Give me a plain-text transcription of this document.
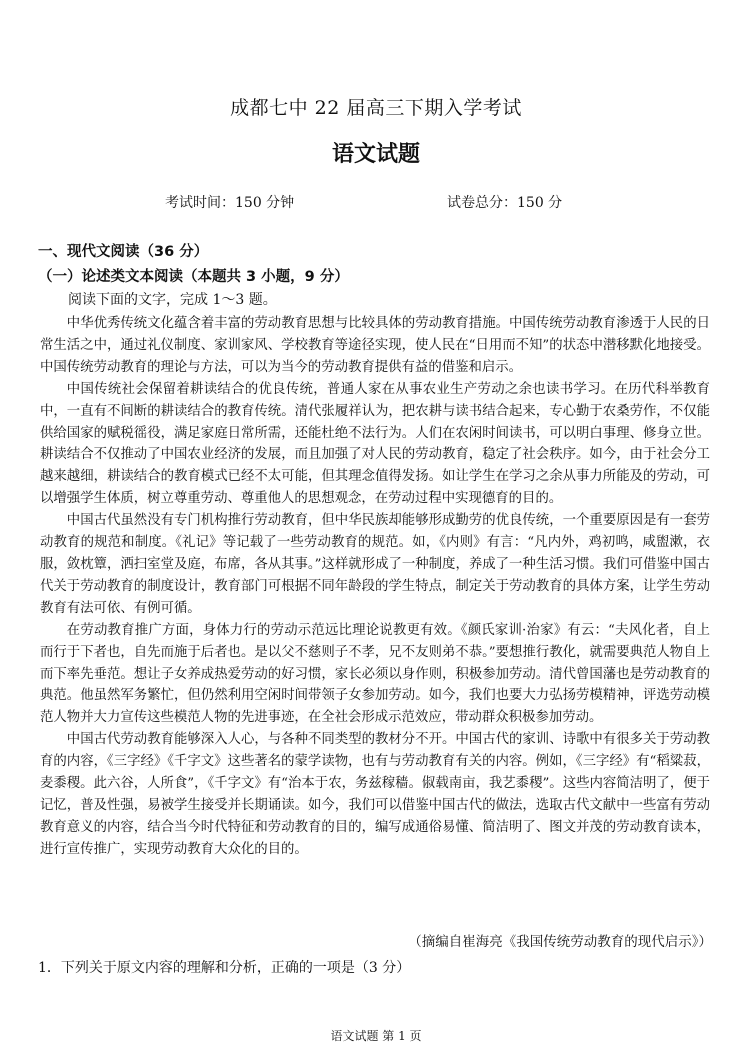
成都七中 22 届高三下期入学考试
语文试题
考试时间：150 分钟	试卷总分：150 分
一、现代文阅读（36 分）
（一）论述类文本阅读（本题共 3 小题，9 分）
阅读下面的文字，完成 1～3 题。

中华优秀传统文化蕴含着丰富的劳动教育思想与比较具体的劳动教育措施。中国传统劳动教育渗透于人民的日常生活之中，通过礼仪制度、家训家风、学校教育等途径实现，使人民在“日用而不知”的状态中潜移默化地接受。中国传统劳动教育的理论与方法，可以为当今的劳动教育提供有益的借鉴和启示。

中国传统社会保留着耕读结合的优良传统，普通人家在从事农业生产劳动之余也读书学习。在历代科举教育中，一直有不间断的耕读结合的教育传统。清代张履祥认为，把农耕与读书结合起来，专心勤于农桑劳作，不仅能供给国家的赋税徭役，满足家庭日常所需，还能杜绝不法行为。人们在农闲时间读书，可以明白事理、修身立世。耕读结合不仅推动了中国农业经济的发展，而且加强了对人民的劳动教育，稳定了社会秩序。如今，由于社会分工越来越细，耕读结合的教育模式已经不太可能，但其理念值得发扬。如让学生在学习之余从事力所能及的劳动，可以增强学生体质，树立尊重劳动、尊重他人的思想观念，在劳动过程中实现德育的目的。

中国古代虽然没有专门机构推行劳动教育，但中华民族却能够形成勤劳的优良传统，一个重要原因是有一套劳动教育的规范和制度。《礼记》等记载了一些劳动教育的规范。如，《内则》有言：“凡内外，鸡初鸣，咸盥漱，衣服，敛枕簟，洒扫室堂及庭，布席，各从其事。”这样就形成了一种制度，养成了一种生活习惯。我们可借鉴中国古代关于劳动教育的制度设计，教育部门可根据不同年龄段的学生特点，制定关于劳动教育的具体方案，让学生劳动教育有法可依、有例可循。

在劳动教育推广方面，身体力行的劳动示范远比理论说教更有效。《颜氏家训·治家》有云：“夫风化者，自上而行于下者也，自先而施于后者也。是以父不慈则子不孝，兄不友则弟不恭。”要想推行教化，就需要典范人物自上而下率先垂范。想让子女养成热爱劳动的好习惯，家长必须以身作则，积极参加劳动。清代曾国藩也是劳动教育的典范。他虽然军务繁忙，但仍然利用空闲时间带领子女参加劳动。如今，我们也要大力弘扬劳模精神，评选劳动模范人物并大力宣传这些模范人物的先进事迹，在全社会形成示范效应，带动群众积极参加劳动。

中国古代劳动教育能够深入人心，与各种不同类型的教材分不开。中国古代的家训、诗歌中有很多关于劳动教育的内容，《三字经》《千字文》这些著名的蒙学读物，也有与劳动教育有关的内容。例如，《三字经》有“稻粱菽，麦黍稷。此六谷，人所食”，《千字文》有“治本于农，务兹稼穑。俶载南亩，我艺黍稷”。这些内容简洁明了，便于记忆，普及性强，易被学生接受并长期诵读。如今，我们可以借鉴中国古代的做法，选取古代文献中一些富有劳动教育意义的内容，结合当今时代特征和劳动教育的目的，编写成通俗易懂、简洁明了、图文并茂的劳动教育读本，进行宣传推广，实现劳动教育大众化的目的。

（摘编自崔海亮《我国传统劳动教育的现代启示》）
1．下列关于原文内容的理解和分析，正确的一项是（3 分）
语文试题 第 1 页
